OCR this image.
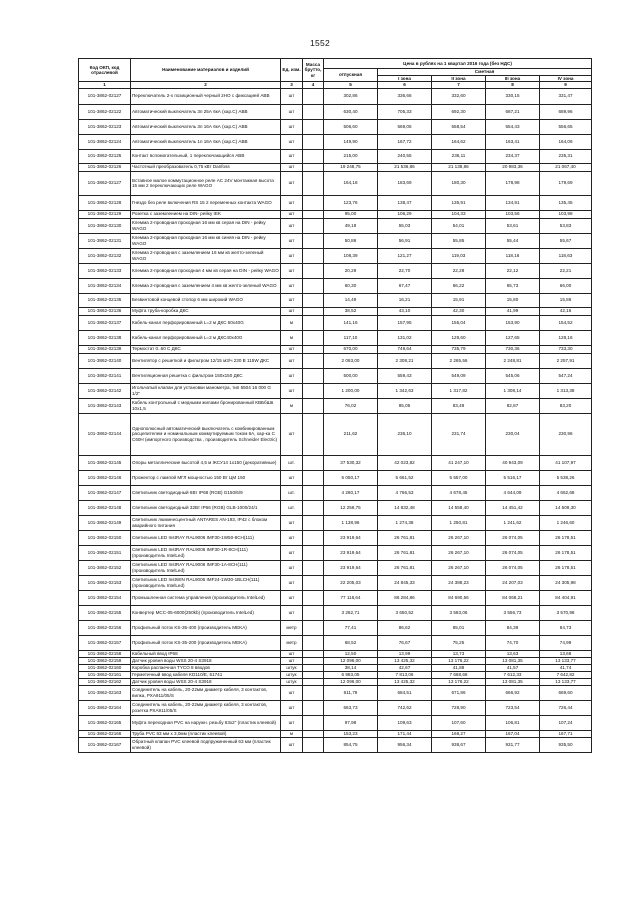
1552
Код ОКП, код отраслевой	Наименование материалов и изделий	Ед. изм.	Масса брутто, кг	Цена в рублях на 1 квартал 2016 года (без НДС)				
				отпускная	Сметная			
					I зона	II зона	III зона	IV зона
1	2	3	4	5	6	7	8	9
101-3862-02127	Переключатель 2-х позиционный черный 2НО с фиксацией ABB	шт		302,86	336,66	332,60	330,15	331,47
101-3862-02122	Автоматический выключатель 3п 25А 6кА (хар.С) ABB	шт		630,40	705,33	692,30	687,21	689,96
101-3862-02123	Автоматический выключатель 3п 16А 6кА (хар.С) ABB	шт		506,60	569,05	558,54	554,43	556,65
101-3862-02124	Автоматический выключатель 1п 16А 6кА (хар.С) ABB	шт		149,90	167,72	164,62	163,41	164,06
101-3862-02125	Контакт вспомогательный, 1 переключающийся ABB	шт		215,00	240,55	236,11	234,37	235,31
101-3862-02126	Частотный преобразователь 0,75 кВт Danfoss	шт		19 248,75	21 536,86	21 138,86	20 983,36	21 067,40
101-3862-02127	Вставное малое коммутационное реле AC 24V монтажная высота 15 мм 2 переключающих реле WAGO	шт		164,18	183,69	180,30	178,98	179,69
101-3862-02128	Гнездо без реле включения RS 15 2 переменных контакта WAGO	шт		123,76	138,47	135,91	134,91	135,45
101-3862-02129	Розетка с заземлением на DIN- рейку IEK	шт		95,00	106,29	104,33	103,56	103,98
101-3862-02130	Клемма 2-проводная проходная 16 мм кв серая на DIN - рейку WAGO	шт		49,18	55,03	54,01	53,61	53,83
101-3862-02131	Клемма 2-проводная проходная 16 мм кв синяя на DIN - рейку WAGO	шт		50,86	56,91	55,85	55,44	55,67
101-3862-02132	Клемма 2-проводная с заземлением 16 мм кв желто-зеленый WAGO	шт		108,39	121,27	119,03	118,16	118,63
101-3862-02133	Клемма 2-проводная проходная 4 мм кв серая на DIN - рейку WAGO	шт		20,29	22,70	22,28	22,12	22,21
101-3862-02134	Клемма 2-проводная с заземлением 4 мм кв желто-зеленый WAGO	шт		60,30	67,47	66,22	65,73	66,00
101-3862-02135	Безвинтовой концевой стопор 6 мм широкий WAGO	шт		14,49	16,21	15,91	15,80	15,86
101-3862-02136	Муфта труба-коробка ДКС	шт		38,52	43,10	42,30	41,99	42,16
101-3862-02137	Кабель-канал перфорированный L=2 м ДКС 60х40G	м		141,16	157,95	155,04	153,90	154,52
101-3862-02138	Кабель-канал перфорированный L=2 м ДКС40х40G	м		117,10	131,02	128,60	127,65	128,16
101-3862-02139	Термостат 0..60 С ДКС	шт		670,00	749,64	735,79	730,36	733,30
101-3862-02140	Вентилятор с решеткой и фильтром 12/15 м3/ч 230 В 115W ДКС	шт		2 063,00	2 308,21	2 265,56	2 248,81	2 257,91
101-3862-02141	Вентиляционная решетка с фильтром 150х150 ДКС	шт		500,00	559,43	549,09	545,06	547,24
101-3862-02142	Игольчатый клапан для установки манометра, тип 5504 16 000 G 1/2"	шт		1 200,00	1 342,63	1 317,82	1 308,14	1 313,38
101-3862-02143	Кабель контрольный с медными жилами бронированный КВБбШв 10х1,5	м		76,02	85,05	83,48	82,87	83,20
101-3862-02144	Однополюсный автоматический выключатель с комбинированным расцепителем и номинальным коммутируемым током 6А, хар-ка C C60H (импортного производства , производитель Schneider Electric)	шт		211,62	236,10	231,74	230,04	230,96
101-3862-02145	Опоры металлические высотой 4,5 м ЖСУ14 1х150 (декоративные)	шт.		37 530,32	42 023,82	41 247,10	40 943,09	41 107,97
101-3862-02146	Прожектор с лампой МГЛ мощностью 150 Вт ЦМ 150	шт		5 050,17	5 661,52	5 557,00	5 516,17	5 538,26
101-3862-02147	Светильник светодиодный 6Вт IP68 (RGB) G150/6/9	шт.		4 260,17	4 766,53	4 678,45	4 644,09	4 662,68
101-3862-02148	Светильник светодиодный 32Вт IP66 (RGB) GLB-1000/24/1	шт.		12 256,75	14 832,48	14 558,40	14 451,42	14 509,30
101-3862-02149	Светильник люминесцентный ANTARES AN-193, IP42 с блоком аварийного питания	шт		1 138,96	1 274,38	1 250,81	1 241,62	1 246,60
101-3862-02150	Светильник LED InstRAY RAL9006 IMF30-1W50-8CH(111)	шт		23 919,64	26 761,81	26 267,10	26 074,05	26 178,51
101-3862-02151	Светильник LED InstRAY RAL9006 IMF30-1R-8CH(111) (производитель IntelLed)	шт		23 919,64	26 761,81	26 267,10	26 074,05	26 178,51
101-3862-02152	Светильник LED InstRAY RAL9006 IMF30-1A-8CH(111) (производитель IntelLed)	шт		23 919,64	26 761,81	26 267,10	26 074,05	26 178,51
101-3862-02153	Светильник LED InstWIN RAL9006 IMF24-1W30-1BLCH(111) (производитель IntelLed)	шт		22 205,03	24 845,33	24 388,23	24 207,03	24 305,98
101-3862-02154	Промышленная система управления (производитель IntelLed)	шт		77 118,64	86 284,86	84 690,56	84 068,21	84 404,91
101-3862-02155	Конвертер MCC-05-6000(250kb) (производитель IntelLed)	шт		3 262,71	3 650,52	3 583,06	3 556,73	3 570,98
101-3862-02156	Профильный поток KS-35-400 (производитель MEKA)	метр		77,41	86,62	85,01	84,39	84,73
101-3862-02157	Профильный поток KS-35-200 (производитель MEKA)	метр		68,52	76,67	75,25	74,70	74,99
101-3862-02158	Кабельный ввод IP68	шт		12,50	13,99	13,73	13,63	13,68
101-3862-02159	Датчик уровня воды WSS 20-4 S3918	шт		12 096,00	13 425,32	13 176,22	13 081,35	13 133,77
101-3862-02160	Коробка распаечная ТYCO 8 вводов	штук		38,14	42,67	41,88	41,57	41,74
101-3862-02161	Герметичный ввод кабеля KD110/E, 51741	штук		6 983,05	7 813,06	7 668,68	7 612,33	7 642,82
101-3862-02162	Датчик уровня воды WSS 20-4 S3918	штук		12 096,00	13 425,32	13 176,22	13 081,35	13 133,77
101-3862-02163	Соединитель на кабель, 20-22мм диаметр кабеля, 3 контактов, вилка, РХА911/05/S	шт		611,79	684,51	671,86	666,92	669,60
101-3862-02164	Соединитель на кабель, 20-22мм диаметр кабеля, 3 контактов, розетка РХА911/05/S	шт		663,73	742,62	728,90	723,54	726,44
101-3862-02165	Муфта переходная PVC на наружн. резьбу 63х2" (пластик клеевой)	шт		97,98	109,63	107,60	106,81	107,24
101-3862-02166	Труба PVC 63 мм x 3,0мм (пластик клеевой)	м		153,23	171,44	168,27	167,04	167,71
101-3862-02167	Обратный клапан PVC клеевой подпружиненный 63 мм (пластик клеевой)	шт		854,75	956,34	938,67	931,77	935,50
